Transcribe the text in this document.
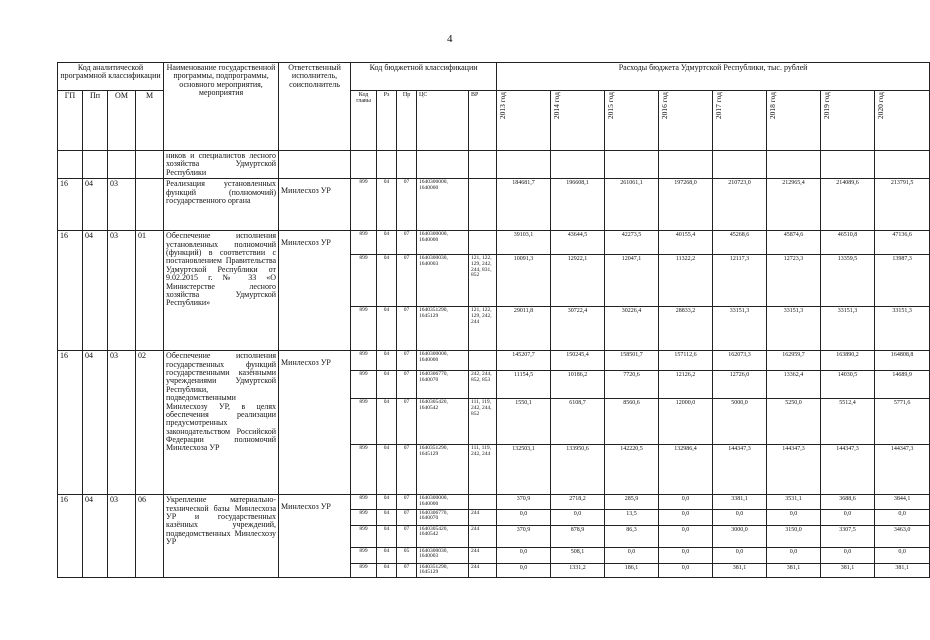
4
Код аналитической программной классификации				Наименование государственной программы, подпрограммы, основного мероприятия, мероприятия	Ответственный исполнитель, соисполнитель	Код бюджетной классификации					Расходы бюджета Удмуртской Республики, тыс. рублей							
ГП	Пп	ОМ	М			Код главы	Рз	Пр	ЦС	ВР	2013 год	2014 год	2015 год	2016 год	2017 год	2018 год	2019 год	2020 год

				ников и специалистов лесного хозяйства Удмуртской Республики														
16	04	03		Реализация установленных функций (полномочий) государственного органа	Минлесхоз УР	899	04	07	1640300000, 1640000		184681,7	196608,1	261061,1	197268,0	210723,0	212965,4	214089,6	213791,5
16	04	03	01	Обеспечение исполнения установленных полномочий (функций) в соответствии с постановлением Правительства Удмуртской Республики от 9.02.2015 г. № 33 «О Министерстве лесного хозяйства Удмуртской Республики»	Минлесхоз УР	899	04	07	1640300000, 1640000		39103,1	43644,5	42273,5	40155,4	45268,6	45874,6	46510,8	47136,6
						899	04	07	1640300030, 1640003	121, 122, 129, 242, 244, 831, 852	10091,3	12922,1	12047,1	11322,2	12117,3	12723,3	13359,5	13987,3
						899	04	07	1640351290, 1645129	121, 122, 129, 242, 244	29011,8	30722,4	30226,4	28833,2	33151,3	33151,3	33151,3	33151,3
16	04	03	02	Обеспечение исполнения государственных функций государственными казёнными учреждениями Удмуртской Республики, подведомственными Минлесхозу УР, в целях обеспечения реализации предусмотренных законодательством Российской Федерации полномочий Минлесхоза УР	Минлесхоз УР	899	04	07	1640300000, 1640000		145207,7	150245,4	158501,7	157112,6	162073,3	162959,7	163890,2	164808,8
						899	04	07	1640306770, 1640070	242, 244, 852, 853	11154,5	10186,2	7720,6	12126,2	12726,0	13362,4	14030,5	14689,9
						899	04	07	1640305420, 1640542	111, 119, 242, 244, 852	1550,1	6108,7	8560,6	12000,0	5000,0	5250,0	5512,4	5771,6
						899	04	07	1640351290, 1645129	111, 119, 242, 244	132503,1	133950,6	142220,5	132986,4	144347,3	144347,3	144347,3	144347,3
16	04	03	06	Укрепление материально-технической базы Минлесхоза УР и государственных казённых учреждений, подведомственных Минлесхозу УР	Минлесхоз УР	899	04	07	1640300000, 1640000		370,9	2718,2	285,9	0,0	3381,1	3531,1	3688,6	3844,1
						899	04	07	1640306770, 1640070	244	0,0	0,0	13,5	0,0	0,0	0,0	0,0	0,0
						899	04	07	1640305420, 1640542	244	370,9	878,9	86,3	0,0	3000,0	3150,0	3307,5	3463,0
						899	04	05	1640300030, 1640003	244	0,0	508,1	0,0	0,0	0,0	0,0	0,0	0,0
						899	04	07	1640351290, 1645129	244	0,0	1331,2	186,1	0,0	381,1	381,1	381,1	381,1
